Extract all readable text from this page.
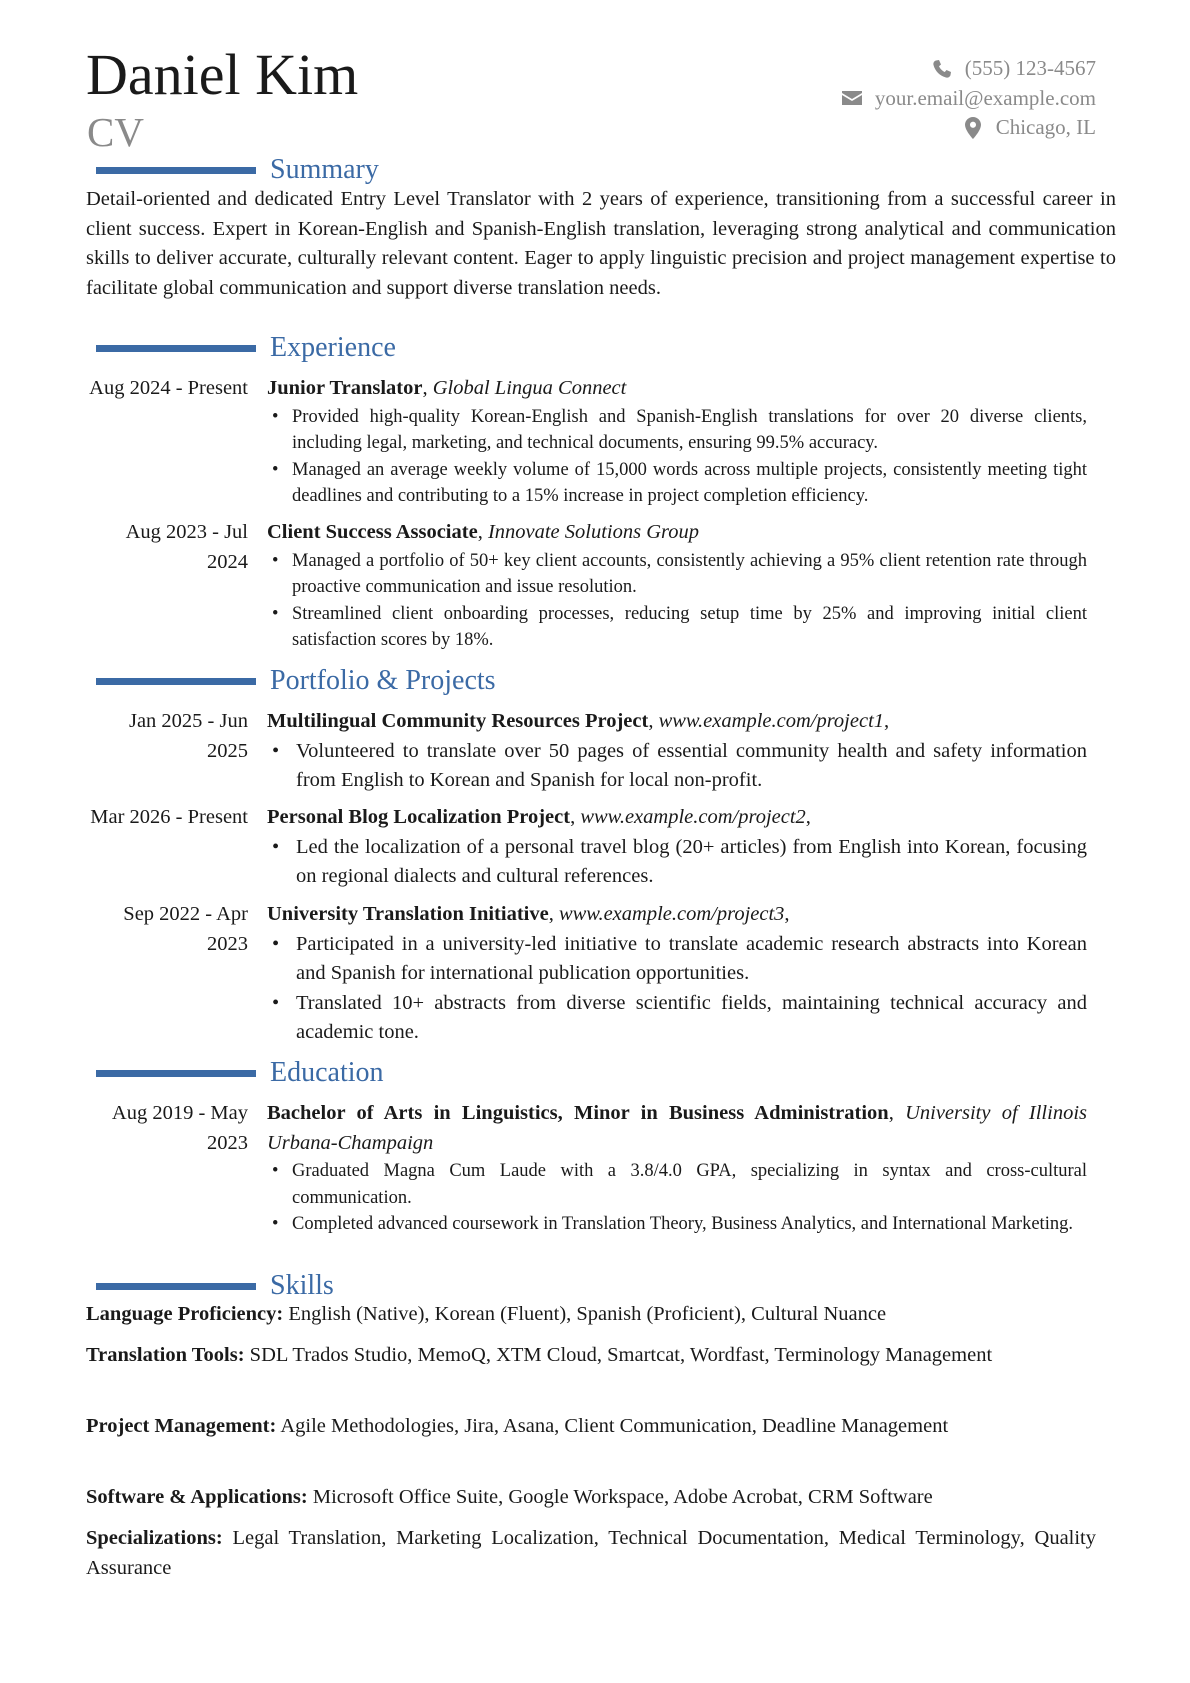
Daniel Kim
CV
(555) 123-4567
your.email@example.com
Chicago, IL
Summary
Detail-oriented and dedicated Entry Level Translator with 2 years of experience, transitioning from a successful career in client success. Expert in Korean-English and Spanish-English translation, leveraging strong analytical and communication skills to deliver accurate, culturally relevant content. Eager to apply linguistic precision and project management expertise to facilitate global communication and support diverse translation needs.
Experience
Aug 2024 - Present Junior Translator, Global Lingua Connect
• Provided high-quality Korean-English and Spanish-English translations for over 20 diverse clients, including legal, marketing, and technical documents, ensuring 99.5% accuracy.
• Managed an average weekly volume of 15,000 words across multiple projects, consistently meeting tight deadlines and contributing to a 15% increase in project completion efficiency.
Aug 2023 - Jul 2024
Client Success Associate, Innovate Solutions Group
• Managed a portfolio of 50+ key client accounts, consistently achieving a 95% client retention rate through proactive communication and issue resolution.
• Streamlined client onboarding processes, reducing setup time by 25% and improving initial client satisfaction scores by 18%.
Portfolio & Projects
Jan 2025 - Jun 2025
Multilingual Community Resources Project, www.example.com/project1,
• Volunteered to translate over 50 pages of essential community health and safety information from English to Korean and Spanish for local non-profit.
Mar 2026 - Present Personal Blog Localization Project, www.example.com/project2,
• Led the localization of a personal travel blog (20+ articles) from English into Korean, focusing on regional dialects and cultural references.
Sep 2022 - Apr 2023
University Translation Initiative, www.example.com/project3,
• Participated in a university-led initiative to translate academic research abstracts into Korean and Spanish for international publication opportunities.
• Translated 10+ abstracts from diverse scientific fields, maintaining technical accuracy and academic tone.
Education
Aug 2019 - May 2023
Bachelor of Arts in Linguistics, Minor in Business Administration, University of Illinois Urbana-Champaign
• Graduated Magna Cum Laude with a 3.8/4.0 GPA, specializing in syntax and cross-cultural communication.
• Completed advanced coursework in Translation Theory, Business Analytics, and International Marketing.
Skills
Language Proficiency: English (Native), Korean (Fluent), Spanish (Proficient), Cultural Nuance
Translation Tools: SDL Trados Studio, MemoQ, XTM Cloud, Smartcat, Wordfast, Terminology Management
Project Management: Agile Methodologies, Jira, Asana, Client Communication, Deadline Management
Software & Applications: Microsoft Office Suite, Google Workspace, Adobe Acrobat, CRM Software
Specializations: Legal Translation, Marketing Localization, Technical Documentation, Medical Terminology, Quality Assurance
